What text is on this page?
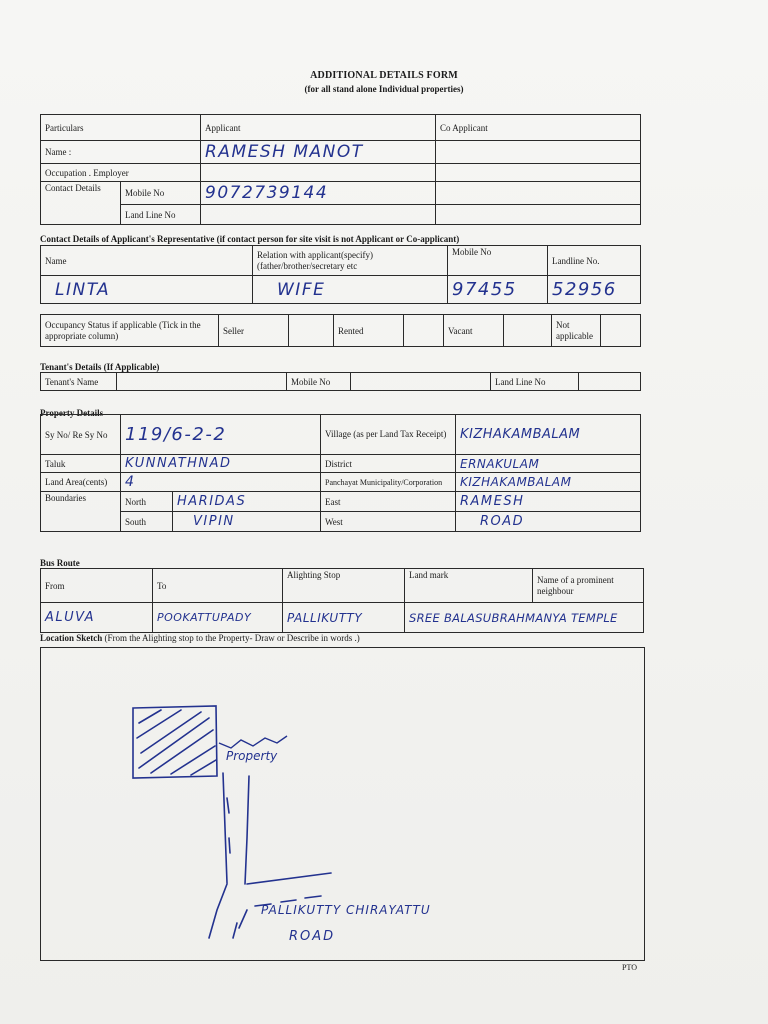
ADDITIONAL DETAILS FORM
(for all stand alone Individual properties)
Particulars		Applicant	Co Applicant
Name :		RAMESH MANOT	
Occupation . Employer			
Contact Details	Mobile No	9072739144	
	Land Line No		
Contact Details of Applicant's Representative (if contact person for site visit is not Applicant or Co-applicant)
Name	Relation with applicant(specify) (father/brother/secretary etc	Mobile No	Landline No.
LINTA	WIFE	97455	52956
Occupancy Status if applicable (Tick in the appropriate column)	Seller		Rented		Vacant		Not applicable	
Tenant's Details (If Applicable)
Tenant's Name		Mobile No		Land Line No	
Property Details
Sy No/ Re Sy No	119/6-2-2		Village (as per Land Tax Receipt)	KIZHAKAMBALAM
Taluk	KUNNATHNAD		District	ERNAKULAM
Land Area(cents)	4		Panchayat Municipality/Corporation	KIZHAKAMBALAM
Boundaries	North	HARIDAS	East	RAMESH
	South	VIPIN	West	ROAD
Bus Route
From	To	Alighting Stop	Land mark	Name of a prominent neighbour
ALUVA	POOKATTUPADY	PALLIKUTTY	SREE BALASUBRAHMANYA TEMPLE	
Location Sketch (From the Alighting stop to the Property- Draw or Describe in words .)
Property
PALLIKUTTY CHIRAYATTU
ROAD
PTO
